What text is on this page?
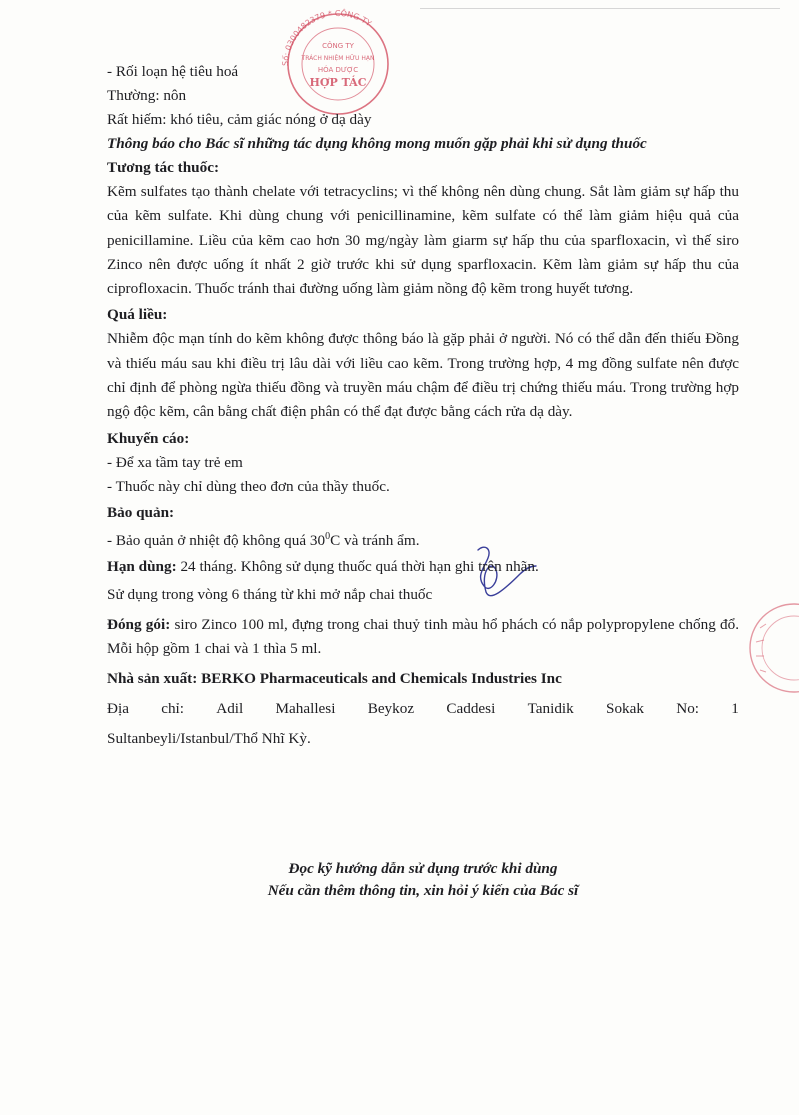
Số: 0300482379 * CÔNG TY
CÔNG TY
TRÁCH NHIỆM HỮU HẠN
HÓA DƯỢC
HỢP TÁC

- Rối loạn hệ tiêu hoá

Thường: nôn

Rất hiếm: khó tiêu, cảm giác nóng ở dạ dày

Thông báo cho Bác sĩ những tác dụng không mong muốn gặp phải khi sử dụng thuốc

Tương tác thuốc:

Kẽm sulfates tạo thành chelate với tetracyclins; vì thế không nên dùng chung. Sắt làm giảm sự hấp thu của kẽm sulfate. Khi dùng chung với penicillinamine, kẽm sulfate có thể làm giảm hiệu quả của penicillamine. Liều của kẽm cao hơn 30 mg/ngày làm giarm sự hấp thu của sparfloxacin, vì thế siro Zinco nên được uống ít nhất 2 giờ trước khi sử dụng sparfloxacin. Kẽm làm giảm sự hấp thu của ciprofloxacin. Thuốc tránh thai đường uống làm giảm nồng độ kẽm trong huyết tương.

Quá liều:

Nhiễm độc mạn tính do kẽm không được thông báo là gặp phải ở người. Nó có thể dẫn đến thiếu Đồng và thiếu máu sau khi điều trị lâu dài với liều cao kẽm. Trong trường hợp, 4 mg đồng sulfate nên được chỉ định để phòng ngừa thiếu đồng và truyền máu chậm để điều trị chứng thiếu máu. Trong trường hợp ngộ độc kẽm, cân bằng chất điện phân có thể đạt được bằng cách rửa dạ dày.

Khuyến cáo:

- Để xa tầm tay trẻ em

- Thuốc này chỉ dùng theo đơn của thầy thuốc.

Bảo quản:

- Bảo quản ở nhiệt độ không quá $30^0C$ và tránh ẩm.

Hạn dùng: 24 tháng. Không sử dụng thuốc quá thời hạn ghi trên nhãn.

Sử dụng trong vòng 6 tháng từ khi mở nắp chai thuốc

Đóng gói: siro Zinco 100 ml, đựng trong chai thuỷ tinh màu hổ phách có nắp polypropylene chống đổ. Mỗi hộp gồm 1 chai và 1 thìa 5 ml.

Nhà sản xuất: BERKO Pharmaceuticals and Chemicals Industries Inc

Địa chỉ: Adil Mahallesi Beykoz Caddesi Tanidik Sokak No: 1

Sultanbeyli/Istanbul/Thổ Nhĩ Kỳ.

Đọc kỹ hướng dẫn sử dụng trước khi dùng
Nếu cần thêm thông tin, xin hỏi ý kiến của Bác sĩ
